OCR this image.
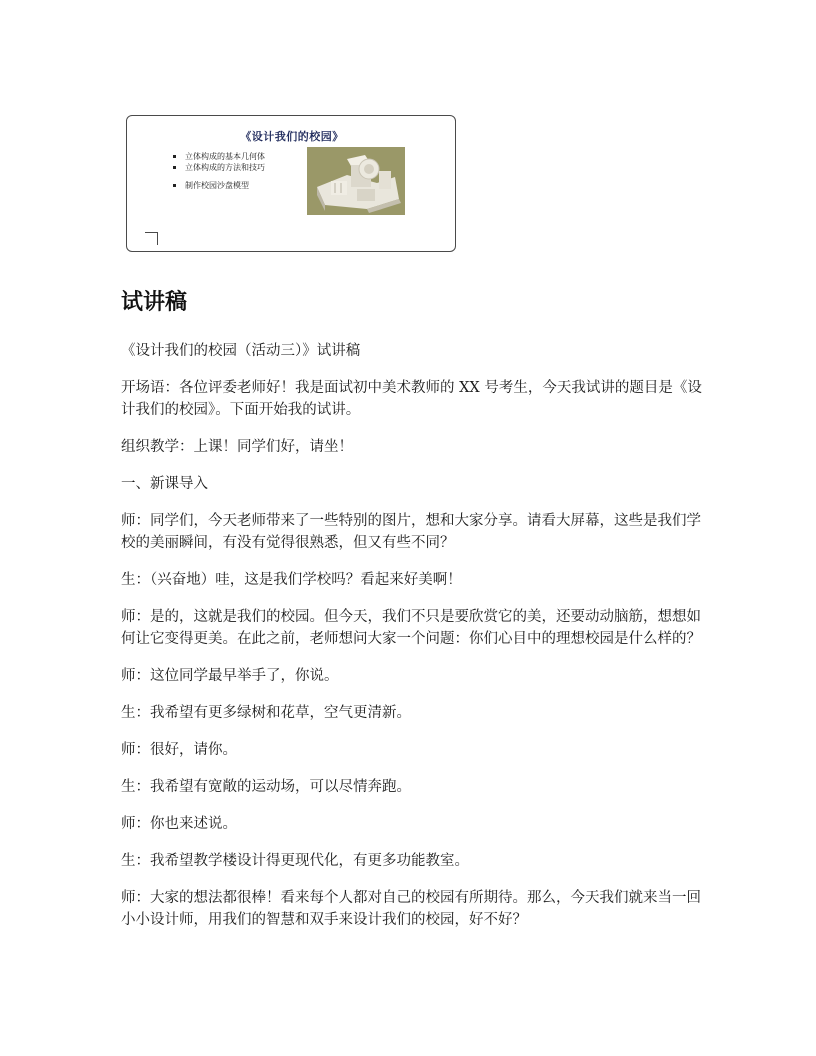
《设计我们的校园》
立体构成的基本几何体
立体构成的方法和技巧
制作校园沙盘模型
试讲稿

《设计我们的校园（活动三）》试讲稿

开场语：各位评委老师好！我是面试初中美术教师的 XX 号考生，今天我试讲的题目是《设计我们的校园》。下面开始我的试讲。

组织教学：上课！同学们好，请坐！

一、新课导入

师：同学们，今天老师带来了一些特别的图片，想和大家分享。请看大屏幕，这些是我们学校的美丽瞬间，有没有觉得很熟悉，但又有些不同？

生：（兴奋地）哇，这是我们学校吗？看起来好美啊！

师：是的，这就是我们的校园。但今天，我们不只是要欣赏它的美，还要动动脑筋，想想如何让它变得更美。在此之前，老师想问大家一个问题：你们心目中的理想校园是什么样的？

师：这位同学最早举手了，你说。

生：我希望有更多绿树和花草，空气更清新。

师：很好，请你。

生：我希望有宽敞的运动场，可以尽情奔跑。

师：你也来述说。

生：我希望教学楼设计得更现代化，有更多功能教室。

师：大家的想法都很棒！看来每个人都对自己的校园有所期待。那么，今天我们就来当一回小小设计师，用我们的智慧和双手来设计我们的校园，好不好？
